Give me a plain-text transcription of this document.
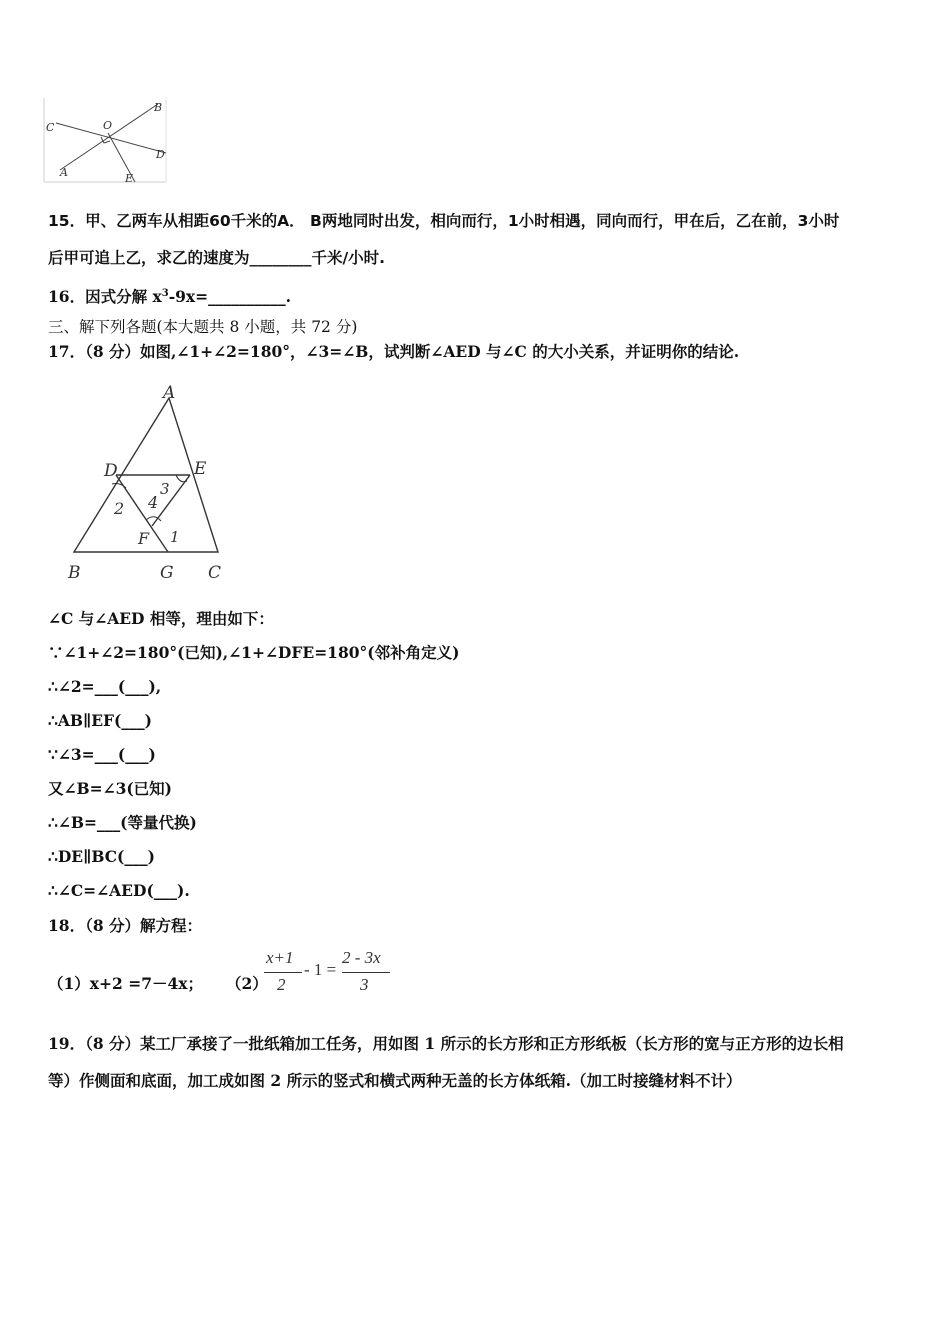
C	O
B
D
A	E
15．甲、乙两车从相距60千米的A． B两地同时出发，相向而行，1小时相遇，同向而行，甲在后，乙在前，3小时
后甲可追上乙，求乙的速度为________千米/小时.
16．因式分解 $x^3-9x=\_\_\_\_\_\_\_\_\_\_$.
三、解下列各题(本大题共 8 小题，共 72 分)
17．（8 分）如图,∠1+∠2=180°，∠3=∠B，试判断∠AED 与∠C 的大小关系，并证明你的结论.
A
D	E
2 4
3
F 1
B	G C
∠C 与∠AED 相等，理由如下：
∵∠1+∠2=180°(已知),∠1+∠DFE=180°(邻补角定义)
∴∠2=___(___),
∴AB∥EF(___)
∵∠3=___(___)
又∠B=∠3(已知)
∴∠B=___(等量代换)
∴DE∥BC(___)
∴∠C=∠AED(___).
18．（8 分）解方程：
（1）x+2 =7－4x； （2）
x+1
2
- 1 =
2 - 3x
3
19．（8 分）某工厂承接了一批纸箱加工任务，用如图 1 所示的长方形和正方形纸板（长方形的宽与正方形的边长相
等）作侧面和底面，加工成如图 2 所示的竖式和横式两种无盖的长方体纸箱.（加工时接缝材料不计）
